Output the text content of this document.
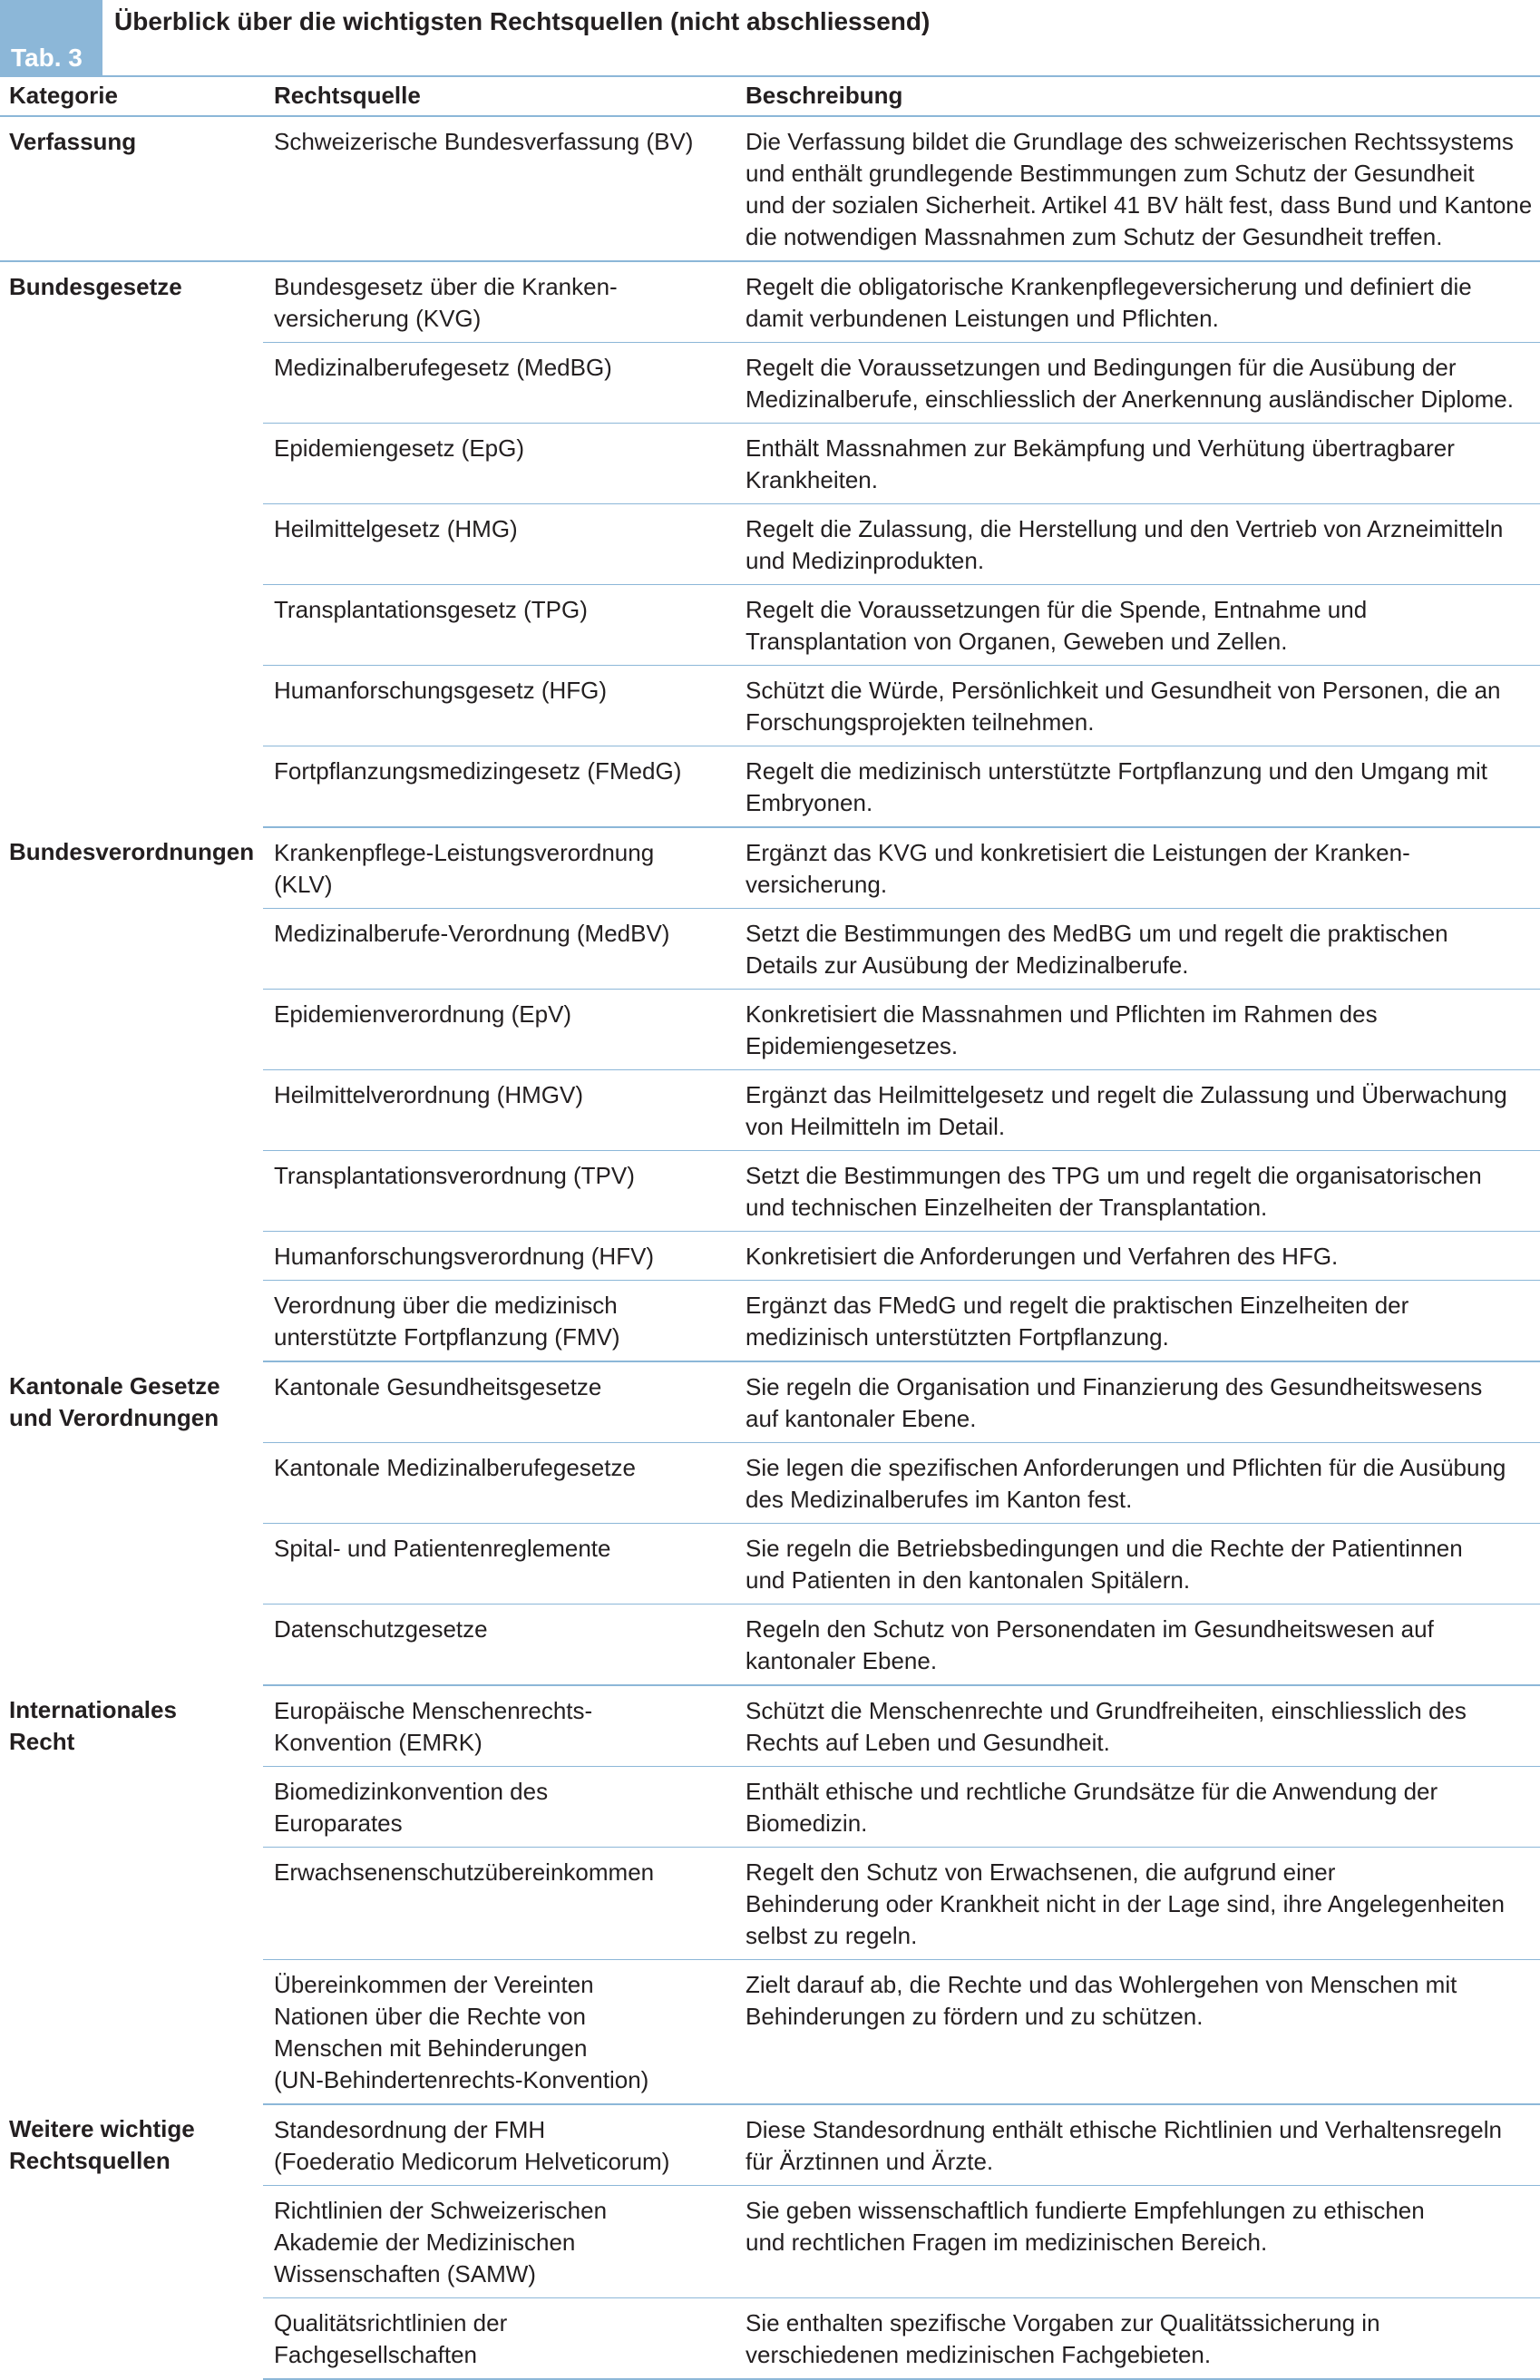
Tab. 3
Überblick über die wichtigsten Rechtsquellen (nicht abschliessend)
Kategorie	Rechtsquelle	Beschreibung
Verfassung	Schweizerische Bundesverfassung (BV)	Die Verfassung bildet die Grundlage des schweizerischen Rechtssystems
und enthält grundlegende Bestimmungen zum Schutz der Gesundheit
und der sozialen Sicherheit. Artikel 41 BV hält fest, dass Bund und Kantone
die notwendigen Massnahmen zum Schutz der Gesundheit treffen.

Bundesgesetze	Bundesgesetz über die Kranken-
versicherung (KVG)	Regelt die obligatorische Krankenpflegeversicherung und definiert die
damit verbundenen Leistungen und Pflichten.

	Medizinalberufegesetz (MedBG)	Regelt die Voraussetzungen und Bedingungen für die Ausübung der
Medizinalberufe, einschliesslich der Anerkennung ausländischer Diplome.

	Epidemiengesetz (EpG)	Enthält Massnahmen zur Bekämpfung und Verhütung übertragbarer
Krankheiten.

	Heilmittelgesetz (HMG)	Regelt die Zulassung, die Herstellung und den Vertrieb von Arzneimitteln
und Medizinprodukten.

	Transplantationsgesetz (TPG)	Regelt die Voraussetzungen für die Spende, Entnahme und
Transplantation von Organen, Geweben und Zellen.

	Humanforschungsgesetz (HFG)	Schützt die Würde, Persönlichkeit und Gesundheit von Personen, die an
Forschungsprojekten teilnehmen.

	Fortpflanzungsmedizingesetz (FMedG)	Regelt die medizinisch unterstützte Fortpflanzung und den Umgang mit
Embryonen.

Bundesverordnungen	Krankenpflege-Leistungsverordnung
(KLV)	Ergänzt das KVG und konkretisiert die Leistungen der Kranken-
versicherung.

	Medizinalberufe-Verordnung (MedBV)	Setzt die Bestimmungen des MedBG um und regelt die praktischen
Details zur Ausübung der Medizinalberufe.

	Epidemienverordnung (EpV)	Konkretisiert die Massnahmen und Pflichten im Rahmen des
Epidemiengesetzes.

	Heilmittelverordnung (HMGV)	Ergänzt das Heilmittelgesetz und regelt die Zulassung und Überwachung
von Heilmitteln im Detail.

	Transplantationsverordnung (TPV)	Setzt die Bestimmungen des TPG um und regelt die organisatorischen
und technischen Einzelheiten der Transplantation.

	Humanforschungsverordnung (HFV)	Konkretisiert die Anforderungen und Verfahren des HFG.

	Verordnung über die medizinisch
unterstützte Fortpflanzung (FMV)	Ergänzt das FMedG und regelt die praktischen Einzelheiten der
medizinisch unterstützten Fortpflanzung.

Kantonale Gesetze
und Verordnungen	Kantonale Gesundheitsgesetze	Sie regeln die Organisation und Finanzierung des Gesundheitswesens
auf kantonaler Ebene.

	Kantonale Medizinalberufegesetze	Sie legen die spezifischen Anforderungen und Pflichten für die Ausübung
des Medizinalberufes im Kanton fest.

	Spital- und Patientenreglemente	Sie regeln die Betriebsbedingungen und die Rechte der Patientinnen
und Patienten in den kantonalen Spitälern.

	Datenschutzgesetze	Regeln den Schutz von Personendaten im Gesundheitswesen auf
kantonaler Ebene.

Internationales
Recht	Europäische Menschenrechts-
Konvention (EMRK)	Schützt die Menschenrechte und Grundfreiheiten, einschliesslich des
Rechts auf Leben und Gesundheit.

	Biomedizinkonvention des
Europarates	Enthält ethische und rechtliche Grundsätze für die Anwendung der
Biomedizin.

	Erwachsenenschutzübereinkommen	Regelt den Schutz von Erwachsenen, die aufgrund einer
Behinderung oder Krankheit nicht in der Lage sind, ihre Angelegenheiten
selbst zu regeln.

	Übereinkommen der Vereinten
Nationen über die Rechte von
Menschen mit Behinderungen
(UN-Behindertenrechts-Konvention)	Zielt darauf ab, die Rechte und das Wohlergehen von Menschen mit
Behinderungen zu fördern und zu schützen.

Weitere wichtige
Rechtsquellen	Standesordnung der FMH
(Foederatio Medicorum Helveticorum)	Diese Standesordnung enthält ethische Richtlinien und Verhaltensregeln
für Ärztinnen und Ärzte.

	Richtlinien der Schweizerischen
Akademie der Medizinischen
Wissenschaften (SAMW)	Sie geben wissenschaftlich fundierte Empfehlungen zu ethischen
und rechtlichen Fragen im medizinischen Bereich.

	Qualitätsrichtlinien der
Fachgesellschaften	Sie enthalten spezifische Vorgaben zur Qualitätssicherung in
verschiedenen medizinischen Fachgebieten.
